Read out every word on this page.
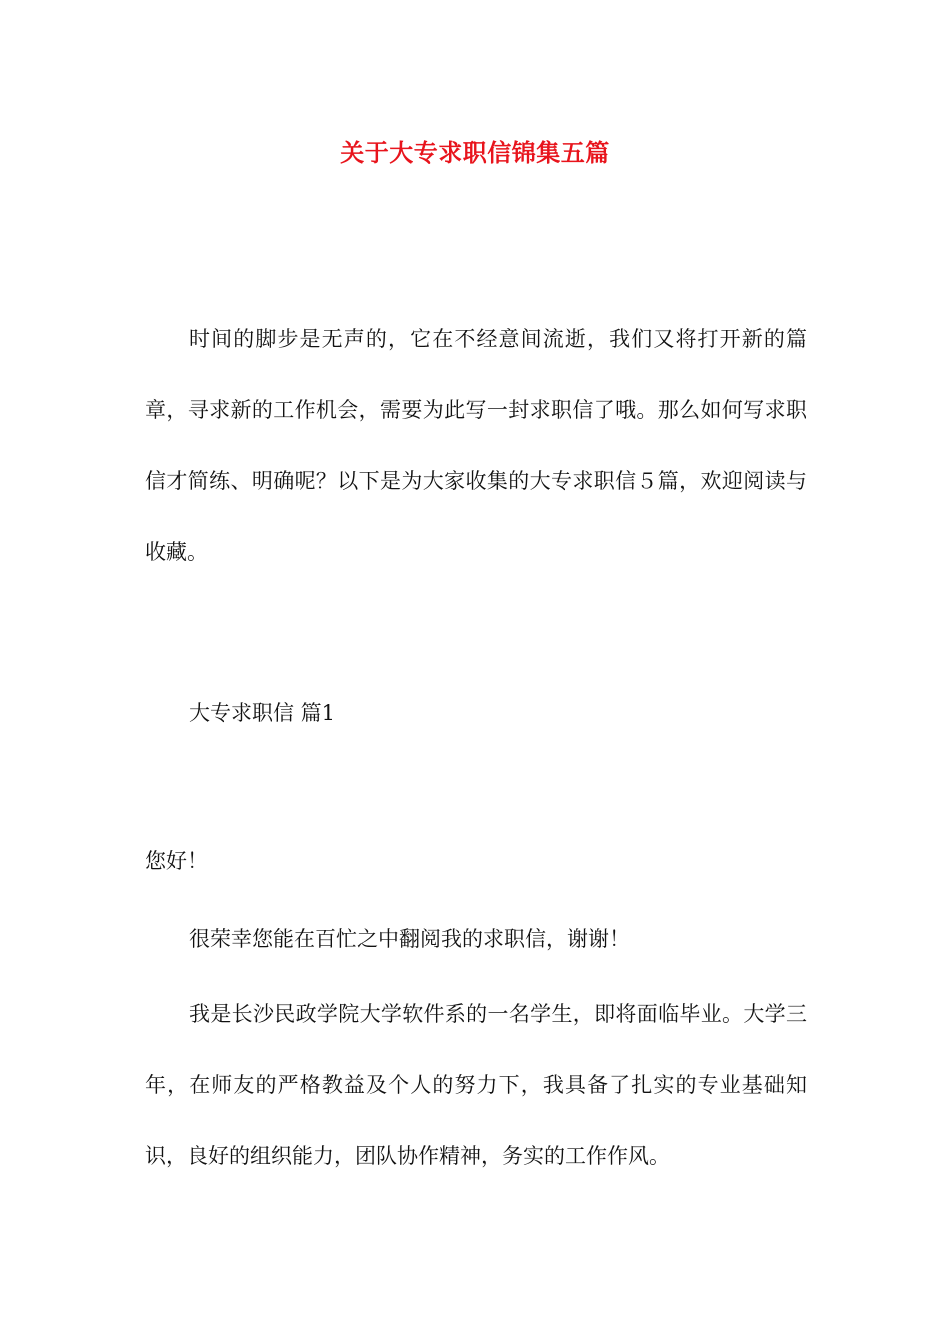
关于大专求职信锦集五篇
时间的脚步是无声的，它在不经意间流逝，我们又将打开新的篇章，寻求新的工作机会，需要为此写一封求职信了哦。那么如何写求职信才简练、明确呢？以下是为大家收集的大专求职信５篇，欢迎阅读与收藏。
大专求职信 篇1
您好！
很荣幸您能在百忙之中翻阅我的求职信，谢谢！
我是长沙民政学院大学软件系的一名学生，即将面临毕业。大学三年，在师友的严格教益及个人的努力下，我具备了扎实的专业基础知识，良好的组织能力，团队协作精神，务实的工作作风。
